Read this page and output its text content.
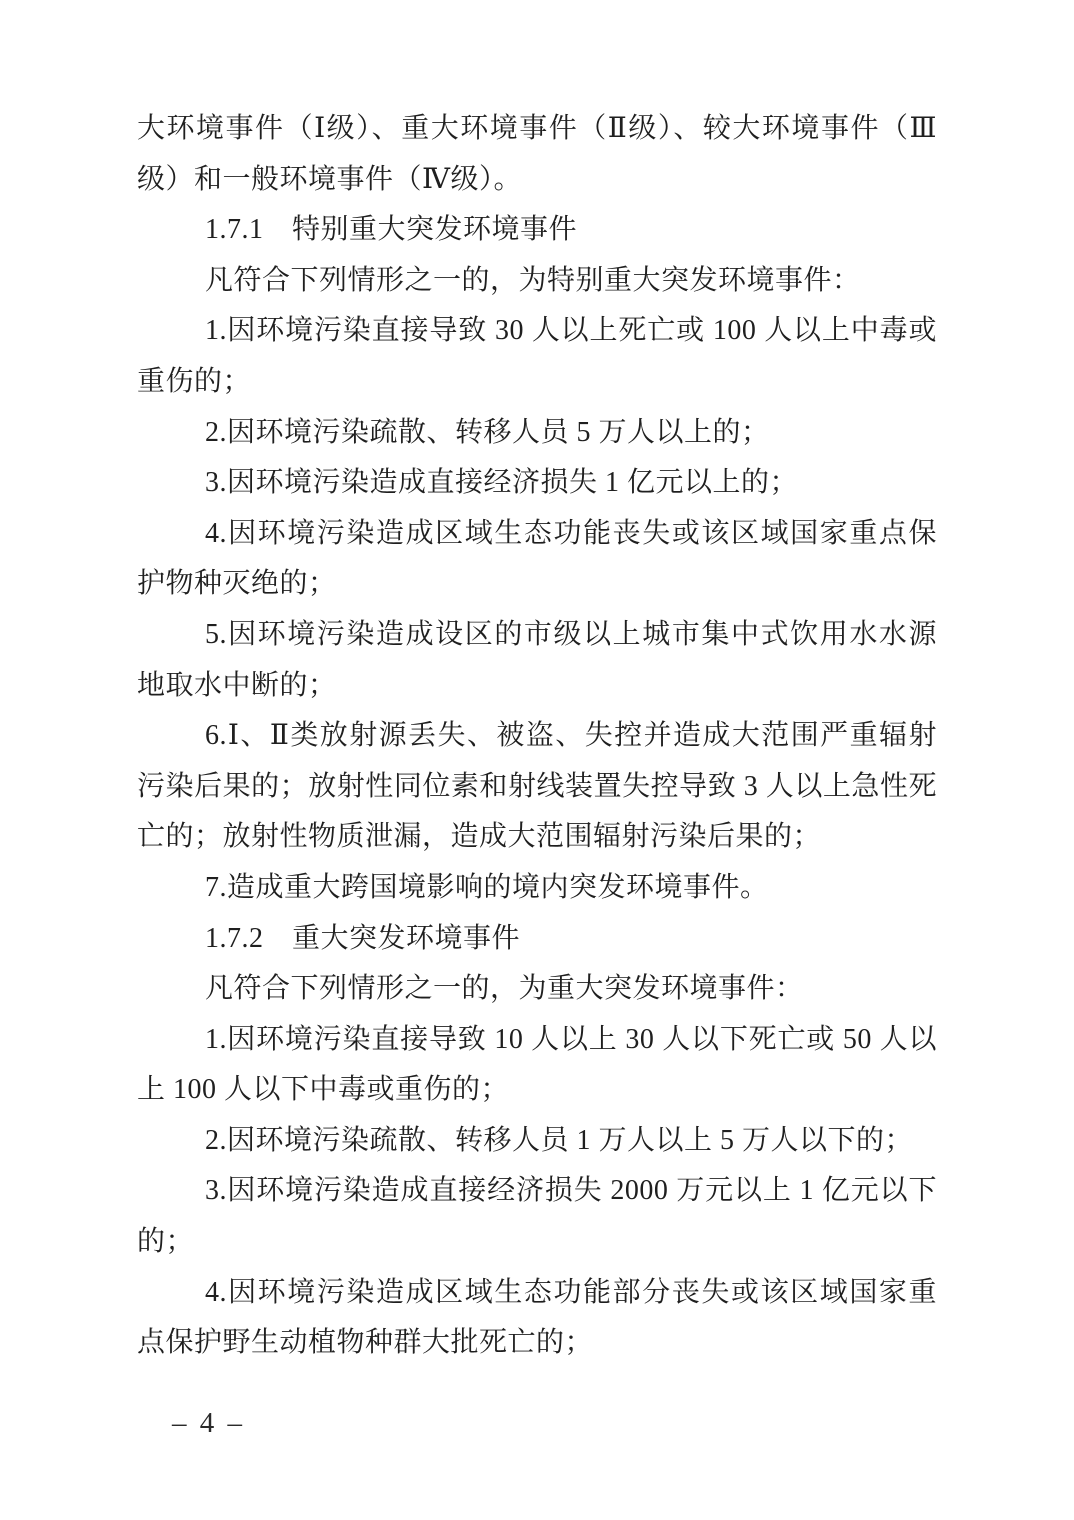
大环境事件（Ⅰ级）、重大环境事件（Ⅱ级）、较大环境事件（Ⅲ
级）和一般环境事件（Ⅳ级）。
1.7.1　特别重大突发环境事件
凡符合下列情形之一的，为特别重大突发环境事件：
1.因环境污染直接导致 30 人以上死亡或 100 人以上中毒或
重伤的；
2.因环境污染疏散、转移人员 5 万人以上的；
3.因环境污染造成直接经济损失 1 亿元以上的；
4.因环境污染造成区域生态功能丧失或该区域国家重点保
护物种灭绝的；
5.因环境污染造成设区的市级以上城市集中式饮用水水源
地取水中断的；
6.Ⅰ、Ⅱ类放射源丢失、被盗、失控并造成大范围严重辐射
污染后果的；放射性同位素和射线装置失控导致 3 人以上急性死
亡的；放射性物质泄漏，造成大范围辐射污染后果的；
7.造成重大跨国境影响的境内突发环境事件。
1.7.2　重大突发环境事件
凡符合下列情形之一的，为重大突发环境事件：
1.因环境污染直接导致 10 人以上 30 人以下死亡或 50 人以
上 100 人以下中毒或重伤的；
2.因环境污染疏散、转移人员 1 万人以上 5 万人以下的；
3.因环境污染造成直接经济损失 2000 万元以上 1 亿元以下
的；
4.因环境污染造成区域生态功能部分丧失或该区域国家重
点保护野生动植物种群大批死亡的；
– 4 –
